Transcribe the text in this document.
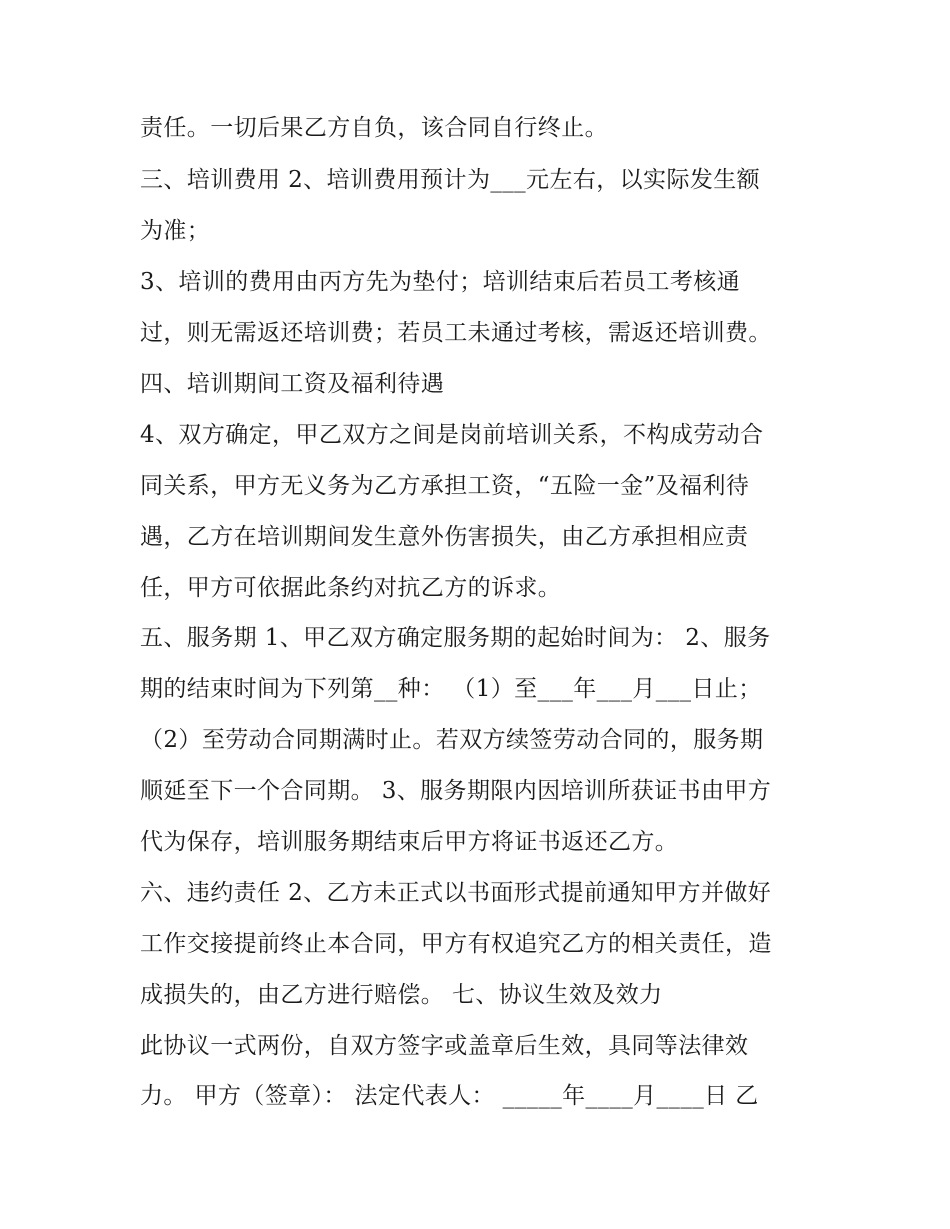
责任。一切后果乙方自负，该合同自行终止。
三、培训费用 2、培训费用预计为___元左右，以实际发生额
为准；
3、培训的费用由丙方先为垫付；培训结束后若员工考核通
过，则无需返还培训费；若员工未通过考核，需返还培训费。
四、培训期间工资及福利待遇
4、双方确定，甲乙双方之间是岗前培训关系，不构成劳动合
同关系，甲方无义务为乙方承担工资，“五险一金”及福利待
遇，乙方在培训期间发生意外伤害损失，由乙方承担相应责
任，甲方可依据此条约对抗乙方的诉求。
五、服务期 1、甲乙双方确定服务期的起始时间为： 2、服务
期的结束时间为下列第__种： （1）至___年___月___日止；
（2）至劳动合同期满时止。若双方续签劳动合同的，服务期
顺延至下一个合同期。 3、服务期限内因培训所获证书由甲方
代为保存，培训服务期结束后甲方将证书返还乙方。
六、违约责任 2、乙方未正式以书面形式提前通知甲方并做好
工作交接提前终止本合同，甲方有权追究乙方的相关责任，造
成损失的，由乙方进行赔偿。 七、协议生效及效力
此协议一式两份，自双方签字或盖章后生效，具同等法律效
力。 甲方（签章）： 法定代表人： _____年____月____日 乙
